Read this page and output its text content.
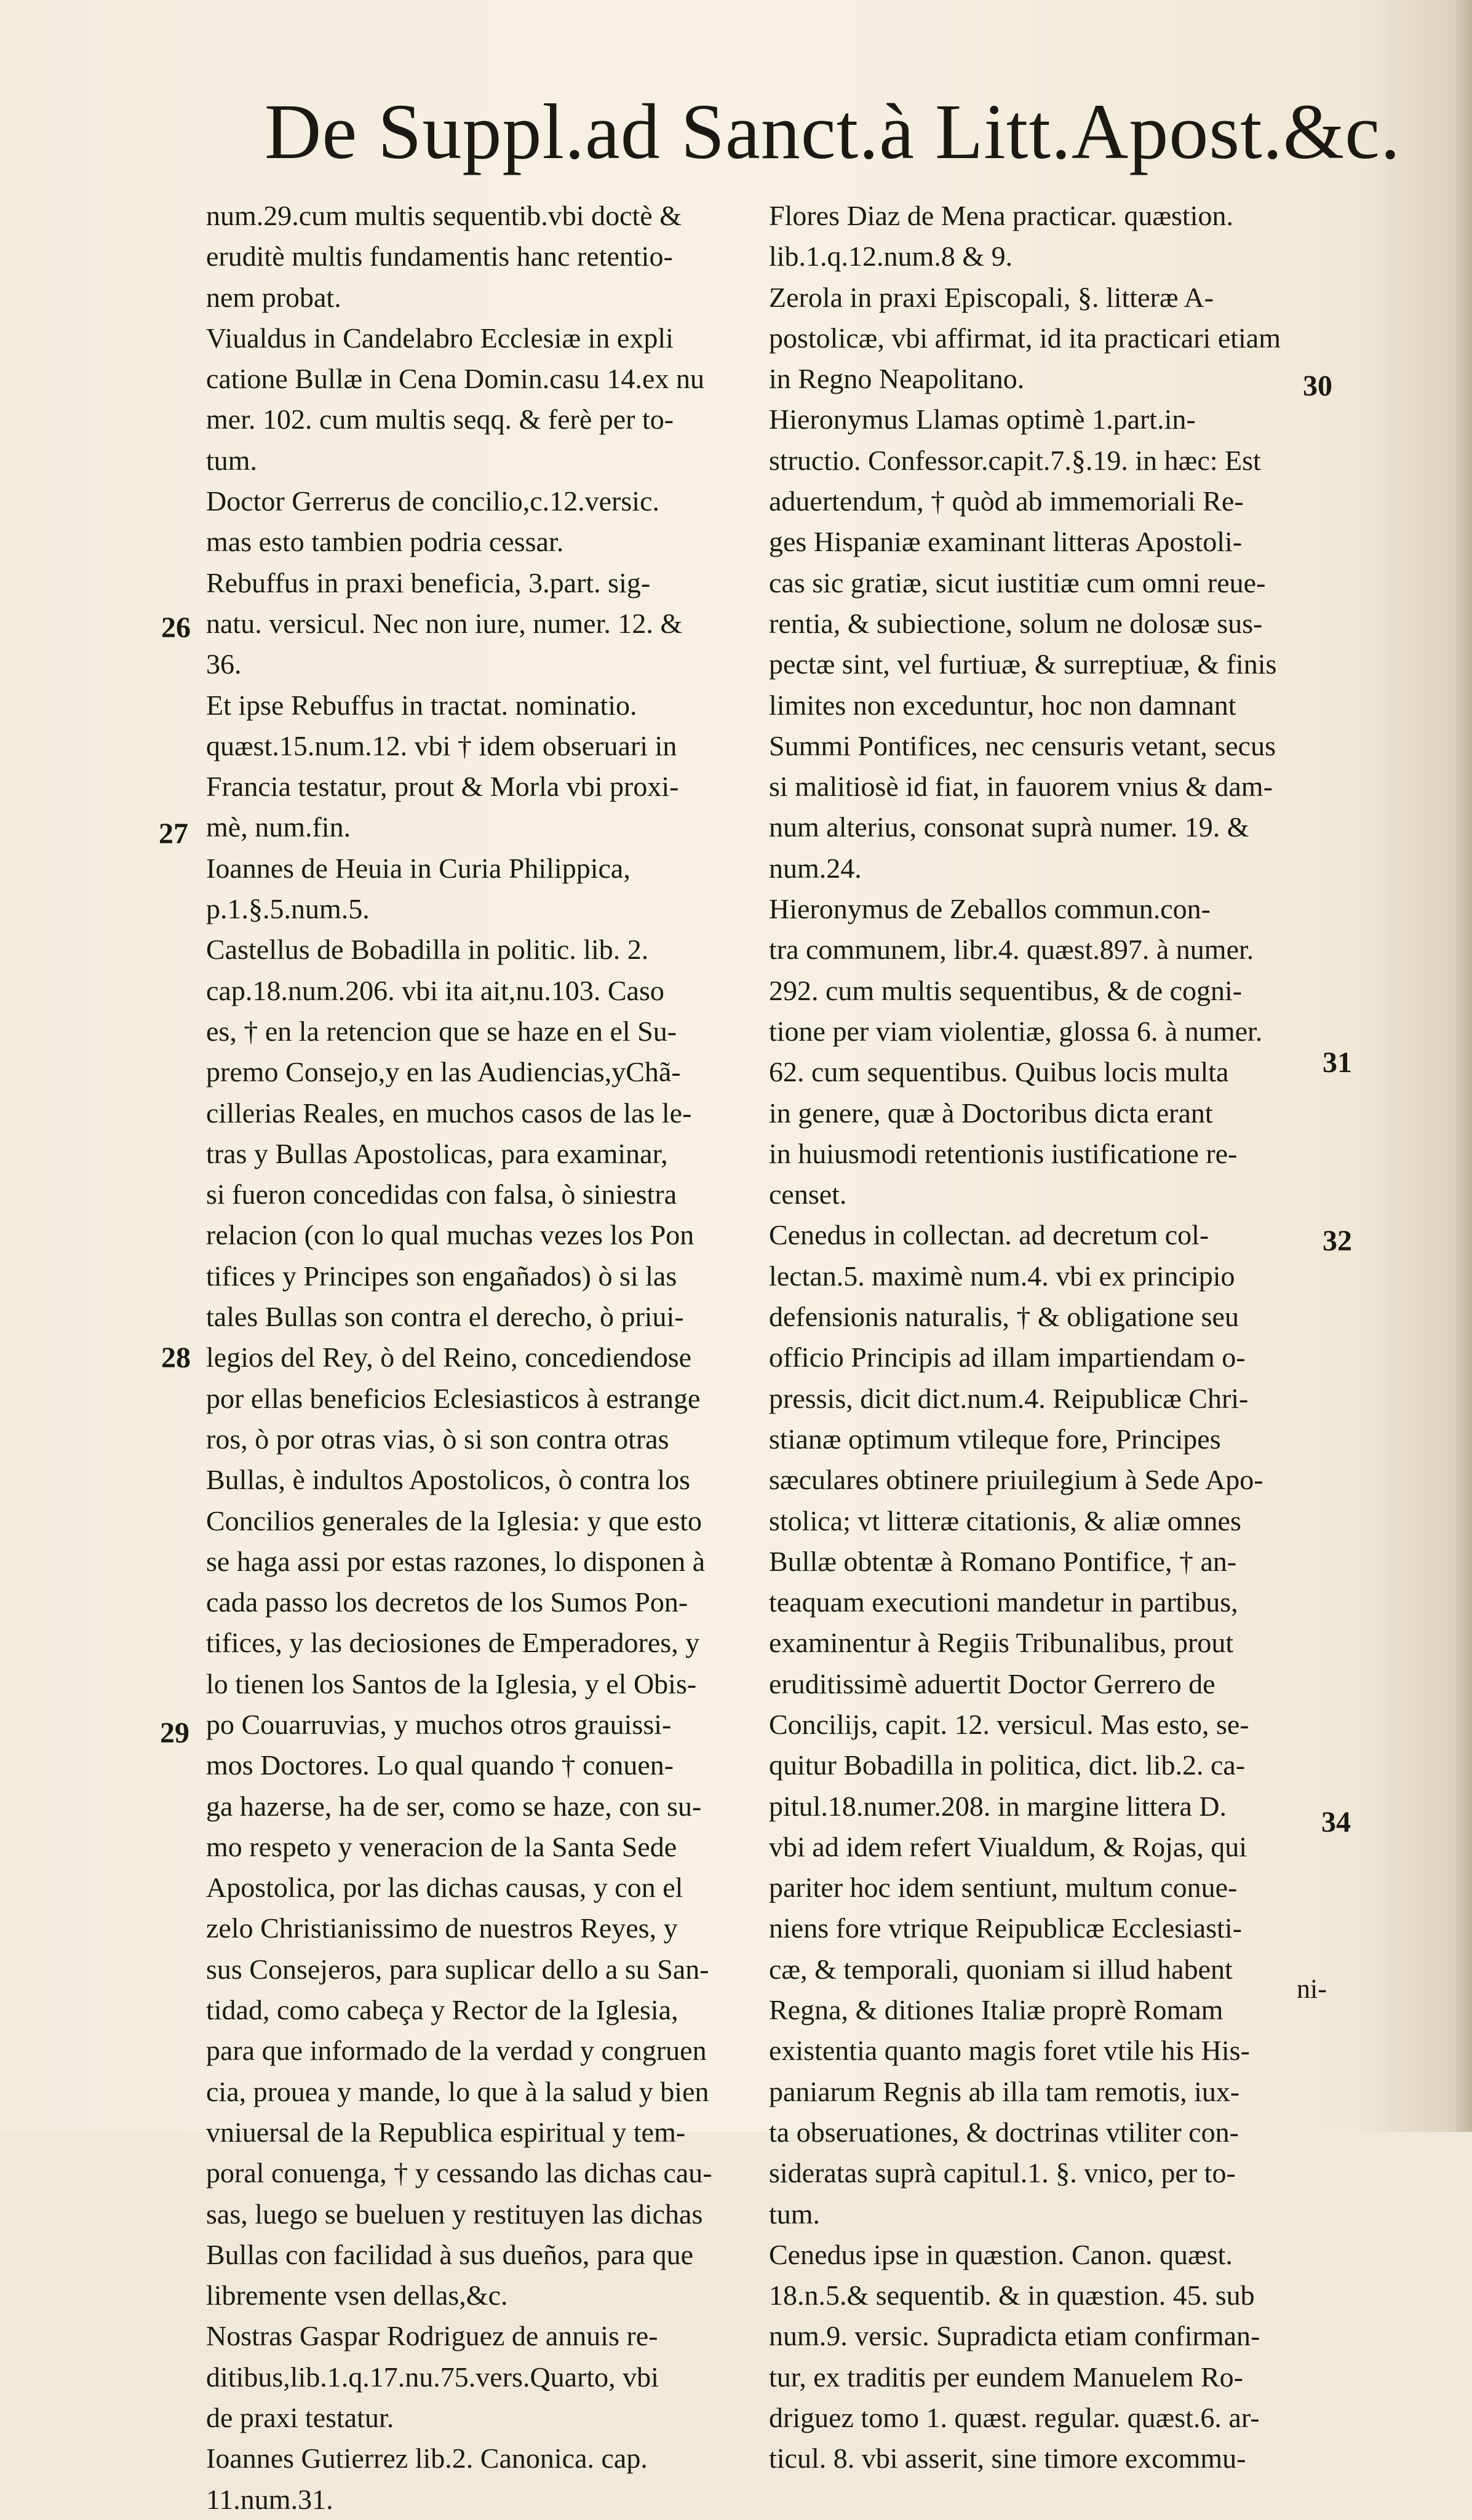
De Suppl.ad Sanct.à Litt.Apost.&c.
num.29.cum multis sequentib.vbi doctè &
eruditè multis fundamentis hanc retentio-
nem probat.
Viualdus in Candelabro Ecclesiæ in expli
catione Bullæ in Cena Domin.casu 14.ex nu
mer. 102. cum multis seqq. & ferè per to-
tum.
Doctor Gerrerus de concilio,c.12.versic.
mas esto tambien podria cessar.
Rebuffus in praxi beneficia, 3.part. sig-
natu. versicul. Nec non iure, numer. 12. &
36.
Et ipse Rebuffus in tractat. nominatio.
quæst.15.num.12. vbi † idem obseruari in
Francia testatur, prout & Morla vbi proxi-
mè, num.fin.
Ioannes de Heuia in Curia Philippica,
p.1.§.5.num.5.
Castellus de Bobadilla in politic. lib. 2.
cap.18.num.206. vbi ita ait,nu.103. Caso
es, † en la retencion que se haze en el Su-
premo Consejo,y en las Audiencias,yChã-
cillerias Reales, en muchos casos de las le-
tras y Bullas Apostolicas, para examinar,
si fueron concedidas con falsa, ò siniestra
relacion (con lo qual muchas vezes los Pon
tifices y Principes son engañados) ò si las
tales Bullas son contra el derecho, ò priui-
legios del Rey, ò del Reino, concediendose
por ellas beneficios Eclesiasticos à estrange
ros, ò por otras vias, ò si son contra otras
Bullas, è indultos Apostolicos, ò contra los
Concilios generales de la Iglesia: y que esto
se haga assi por estas razones, lo disponen à
cada passo los decretos de los Sumos Pon-
tifices, y las deciosiones de Emperadores, y
lo tienen los Santos de la Iglesia, y el Obis-
po Couarruvias, y muchos otros grauissi-
mos Doctores. Lo qual quando † conuen-
ga hazerse, ha de ser, como se haze, con su-
mo respeto y veneracion de la Santa Sede
Apostolica, por las dichas causas, y con el
zelo Christianissimo de nuestros Reyes, y
sus Consejeros, para suplicar dello a su San-
tidad, como cabeça y Rector de la Iglesia,
para que informado de la verdad y congruen
cia, prouea y mande, lo que à la salud y bien
vniuersal de la Republica espiritual y tem-
poral conuenga, † y cessando las dichas cau-
sas, luego se bueluen y restituyen las dichas
Bullas con facilidad à sus dueños, para que
libremente vsen dellas,&c.
Nostras Gaspar Rodriguez de annuis re-
ditibus,lib.1.q.17.nu.75.vers.Quarto, vbi
de praxi testatur.
Ioannes Gutierrez lib.2. Canonica. cap.
11.num.31.
Flores Diaz de Mena practicar. quæstion.
lib.1.q.12.num.8 & 9.
Zerola in praxi Episcopali, §. litteræ A-
postolicæ, vbi affirmat, id ita practicari etiam
in Regno Neapolitano.
Hieronymus Llamas optimè 1.part.in-
structio. Confessor.capit.7.§.19. in hæc: Est
aduertendum, † quòd ab immemoriali Re-
ges Hispaniæ examinant litteras Apostoli-
cas sic gratiæ, sicut iustitiæ cum omni reue-
rentia, & subiectione, solum ne dolosæ sus-
pectæ sint, vel furtiuæ, & surreptiuæ, & finis
limites non exceduntur, hoc non damnant
Summi Pontifices, nec censuris vetant, secus
si malitiosè id fiat, in fauorem vnius & dam-
num alterius, consonat suprà numer. 19. &
num.24.
Hieronymus de Zeballos commun.con-
tra communem, libr.4. quæst.897. à numer.
292. cum multis sequentibus, & de cogni-
tione per viam violentiæ, glossa 6. à numer.
62. cum sequentibus. Quibus locis multa
in genere, quæ à Doctoribus dicta erant
in huiusmodi retentionis iustificatione re-
censet.
Cenedus in collectan. ad decretum col-
lectan.5. maximè num.4. vbi ex principio
defensionis naturalis, † & obligatione seu
officio Principis ad illam impartiendam o-
pressis, dicit dict.num.4. Reipublicæ Chri-
stianæ optimum vtileque fore, Principes
sæculares obtinere priuilegium à Sede Apo-
stolica; vt litteræ citationis, & aliæ omnes
Bullæ obtentæ à Romano Pontifice, † an-
teaquam executioni mandetur in partibus,
examinentur à Regiis Tribunalibus, prout
eruditissimè aduertit Doctor Gerrero de
Concilijs, capit. 12. versicul. Mas esto, se-
quitur Bobadilla in politica, dict. lib.2. ca-
pitul.18.numer.208. in margine littera D.
vbi ad idem refert Viualdum, & Rojas, qui
pariter hoc idem sentiunt, multum conue-
niens fore vtrique Reipublicæ Ecclesiasti-
cæ, & temporali, quoniam si illud habent
Regna, & ditiones Italiæ proprè Romam
existentia quanto magis foret vtile his His-
paniarum Regnis ab illa tam remotis, iux-
ta obseruationes, & doctrinas vtiliter con-
sideratas suprà capitul.1. §. vnico, per to-
tum.
Cenedus ipse in quæstion. Canon. quæst.
18.n.5.& sequentib. & in quæstion. 45. sub
num.9. versic. Supradicta etiam confirman-
tur, ex traditis per eundem Manuelem Ro-
driguez tomo 1. quæst. regular. quæst.6. ar-
ticul. 8. vbi asserit, sine timore excommu-
26
27
28
29
30
31
32
34
ni-
